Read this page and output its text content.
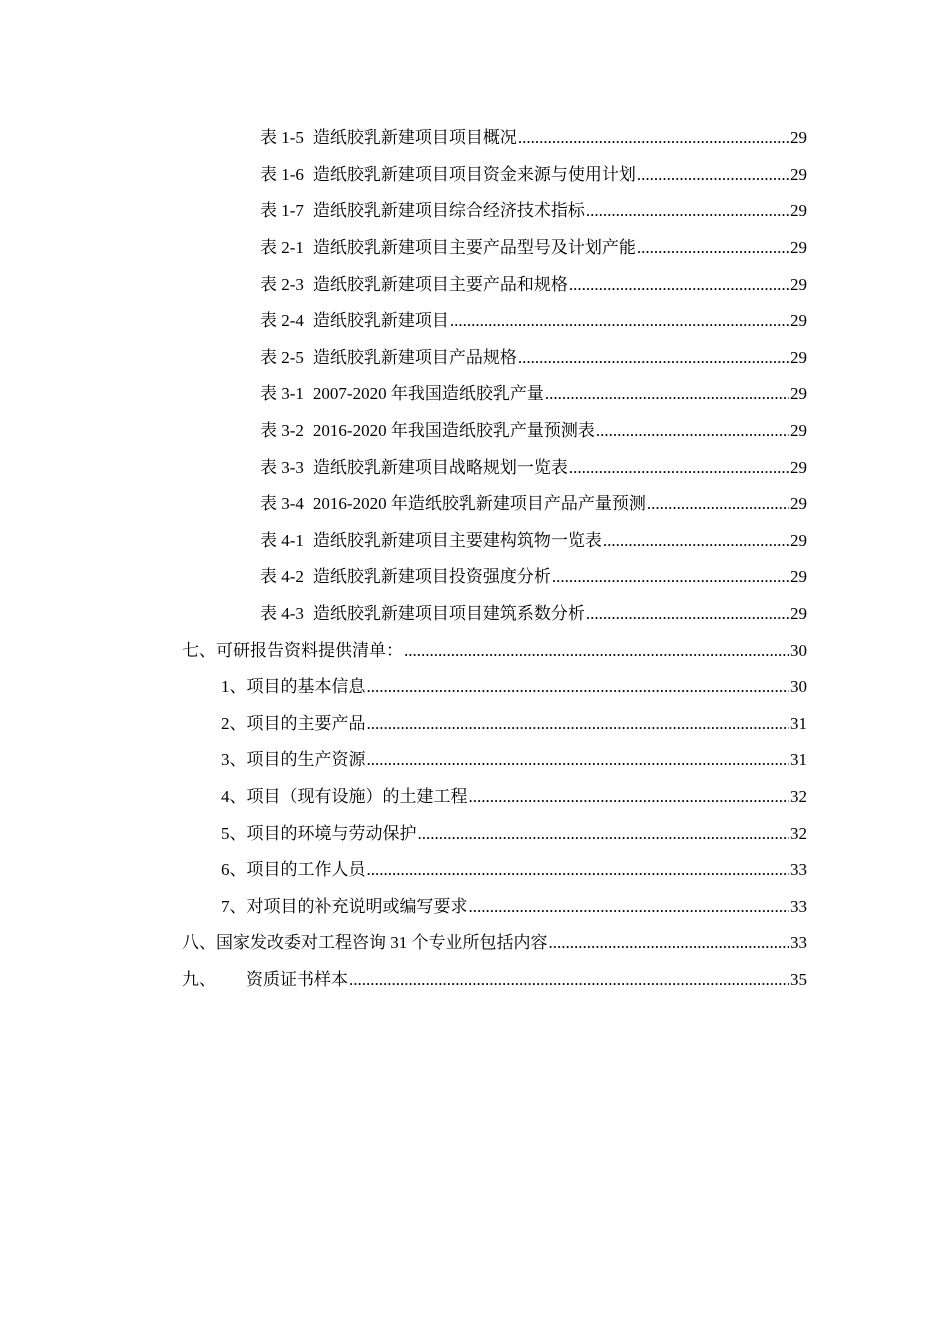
表 1-5 造纸胶乳新建项目项目概况 .....	29
表 1-6 造纸胶乳新建项目项目资金来源与使用计划 .....	29
表 1-7 造纸胶乳新建项目综合经济技术指标 .....	29
表 2-1 造纸胶乳新建项目主要产品型号及计划产能 .....	29
表 2-3 造纸胶乳新建项目主要产品和规格 .....	29
表 2-4 造纸胶乳新建项目 .....	29
表 2-5 造纸胶乳新建项目产品规格 .....	29
表 3-1 2007-2020 年我国造纸胶乳产量 .....	29
表 3-2 2016-2020 年我国造纸胶乳产量预测表 .....	29
表 3-3 造纸胶乳新建项目战略规划一览表 .....	29
表 3-4 2016-2020 年造纸胶乳新建项目产品产量预测 .....	29
表 4-1 造纸胶乳新建项目主要建构筑物一览表 .....	29
表 4-2 造纸胶乳新建项目投资强度分析 .....	29
表 4-3 造纸胶乳新建项目项目建筑系数分析 .....	29
七、可研报告资料提供清单： .....	30
1、项目的基本信息 .....	30
2、项目的主要产品 .....	31
3、项目的生产资源 .....	31
4、项目（现有设施）的土建工程 .....	32
5、项目的环境与劳动保护 .....	32
6、项目的工作人员 .....	33
7、对项目的补充说明或编写要求 .....	33
八、国家发改委对工程咨询 31 个专业所包括内容 .....	33
九、 资质证书样本 .....	35
